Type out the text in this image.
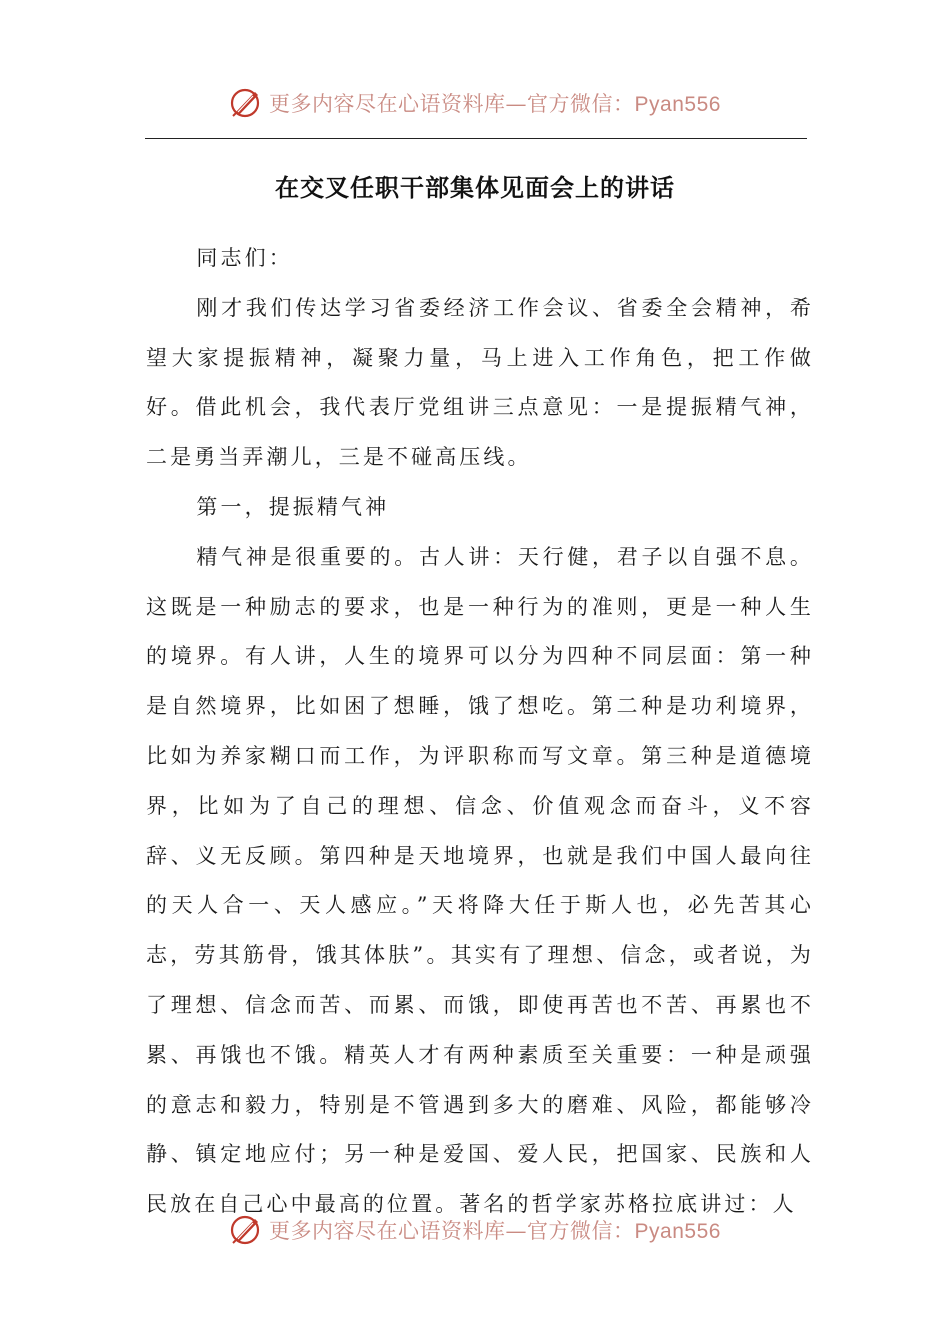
更多内容尽在心语资料库—官方微信：Pyan556
在交叉任职干部集体见面会上的讲话

同志们：

刚才我们传达学习省委经济工作会议、省委全会精神，希望大家提振精神，凝聚力量，马上进入工作角色，把工作做好。借此机会，我代表厅党组讲三点意见：一是提振精气神，二是勇当弄潮儿，三是不碰高压线。

第一，提振精气神

精气神是很重要的。古人讲：天行健，君子以自强不息。这既是一种励志的要求，也是一种行为的准则，更是一种人生的境界。有人讲，人生的境界可以分为四种不同层面：第一种是自然境界，比如困了想睡，饿了想吃。第二种是功利境界，比如为养家糊口而工作，为评职称而写文章。第三种是道德境界，比如为了自己的理想、信念、价值观念而奋斗，义不容辞、义无反顾。第四种是天地境界，也就是我们中国人最向往的天人合一、天人感应。”天将降大任于斯人也，必先苦其心志，劳其筋骨，饿其体肤”。其实有了理想、信念，或者说，为了理想、信念而苦、而累、而饿，即使再苦也不苦、再累也不累、再饿也不饿。精英人才有两种素质至关重要：一种是顽强的意志和毅力，特别是不管遇到多大的磨难、风险，都能够冷静、镇定地应付；另一种是爱国、爱人民，把国家、民族和人民放在自己心中最高的位置。著名的哲学家苏格拉底讲过：人

更多内容尽在心语资料库—官方微信：Pyan556
